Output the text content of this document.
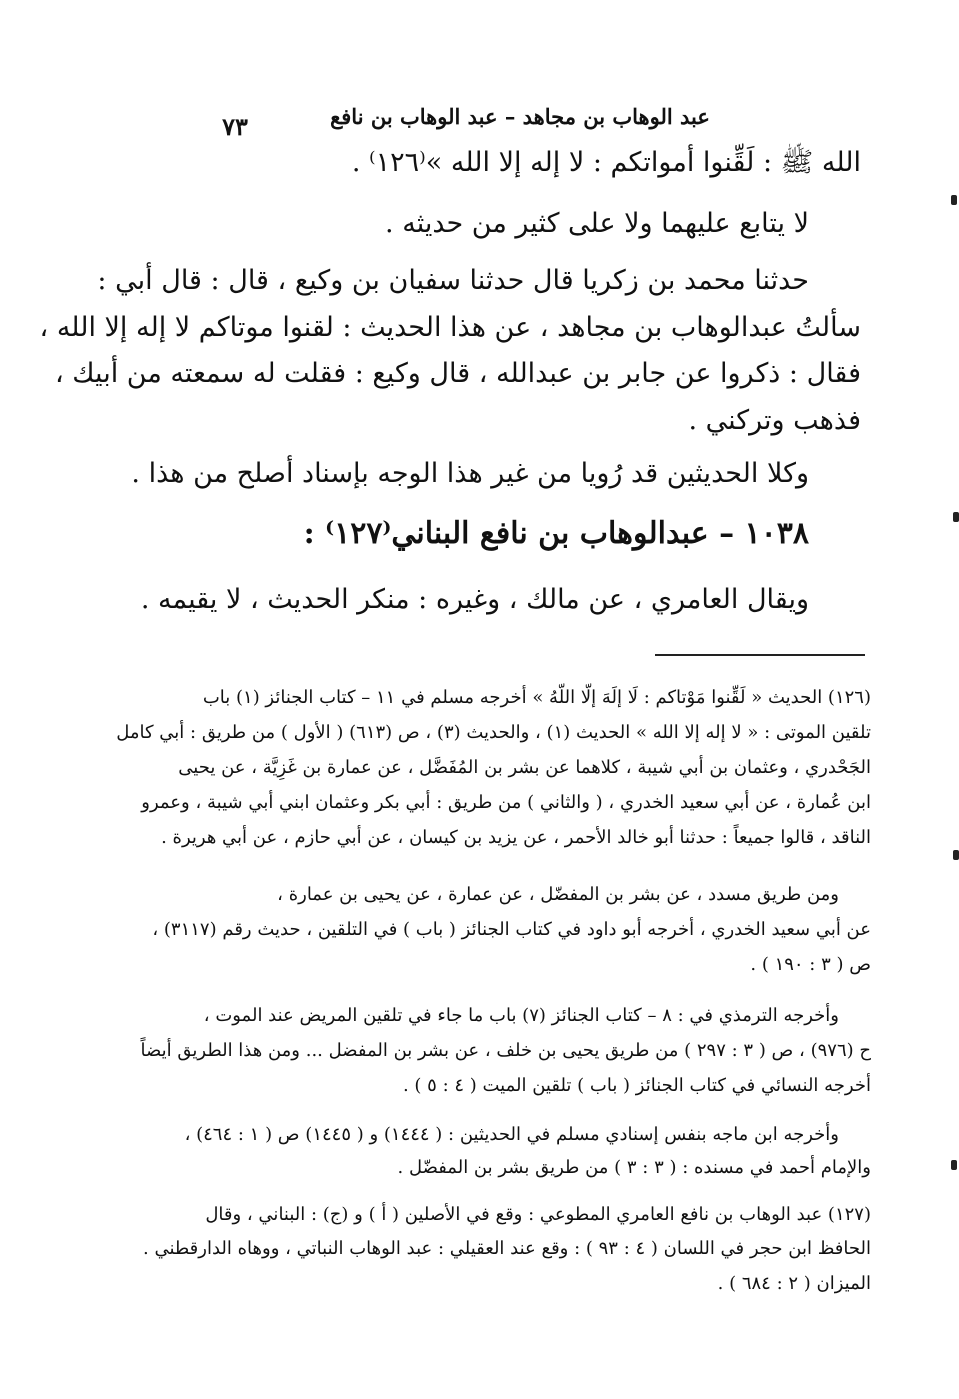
٧٣	عبد الوهاب بن مجاهد – عبد الوهاب بن نافع
الله ﷺ : لَقِّنوا أمواتكم : لا إله إلا الله »⁽١٢٦⁾ .
لا يتابع عليهما ولا على كثير من حديثه .
حدثنا محمد بن زكريا قال حدثنا سفيان بن وكيع ، قال : قال أبي :
سألتُ عبدالوهاب بن مجاهد ، عن هذا الحديث : لقنوا موتاكم لا إله إلا الله ،
فقال : ذكروا عن جابر بن عبدالله ، قال وكيع : فقلت له سمعته من أبيك ،
فذهب وتركني .
وكلا الحديثين قد رُويا من غير هذا الوجه بإسناد أصلح من هذا .
١٠٣٨ – عبدالوهاب بن نافع البناني⁽١٢٧⁾ :
ويقال العامري ، عن مالك ، وغيره : منكر الحديث ، لا يقيمه .
(١٢٦) الحديث « لَقِّنوا مَوْتاكم : لَا إلَهَ إلّا اللّهُ » أخرجه مسلم في ١١ – كتاب الجنائز (١) باب
تلقين الموتى : « لا إله إلا الله » الحديث (١) ، والحديث (٣) ، ص (٦١٣) ( الأول ) من طريق : أبي كامل
الجَحْدري ، وعثمان بن أبي شيبة ، كلاهما عن بشر بن المُفَضَّل ، عن عمارة بن غَزِيَّة ، عن يحيى
ابن عُمارة ، عن أبي سعيد الخدري ، ( والثاني ) من طريق : أبي بكر وعثمان ابني أبي شيبة ، وعمرو
الناقد ، قالوا جميعاً : حدثنا أبو خالد الأحمر ، عن يزيد بن كيسان ، عن أبي حازم ، عن أبي هريرة .
ومن طريق مسدد ، عن بشر بن المفضّل ، عن عمارة ، عن يحيى بن عمارة ،
عن أبي سعيد الخدري ، أخرجه أبو داود في كتاب الجنائز ( باب ) في التلقين ، حديث رقم (٣١١٧) ،
ص ( ٣ : ١٩٠ ) .
وأخرجه الترمذي في : ٨ – كتاب الجنائز (٧) باب ما جاء في تلقين المريض عند الموت ،
ح (٩٧٦) ، ص ( ٣ : ٢٩٧ ) من طريق يحيى بن خلف ، عن بشر بن المفضل ... ومن هذا الطريق أيضاً
أخرجه النسائي في كتاب الجنائز ( باب ) تلقين الميت ( ٤ : ٥ ) .
وأخرجه ابن ماجه بنفس إسنادي مسلم في الحديثين : ( ١٤٤٤) و ( ١٤٤٥) ص ( ١ : ٤٦٤) ،
والإمام أحمد في مسنده : ( ٣ : ٣ ) من طريق بشر بن المفضّل .
(١٢٧) عبد الوهاب بن نافع العامري المطوعي : وقع في الأصلين ( أ ) و (ج) : البناني ، وقال
الحافظ ابن حجر في اللسان ( ٤ : ٩٣ ) : وقع عند العقيلي : عبد الوهاب النباتي ، ووهاه الدارقطني .
الميزان ( ٢ : ٦٨٤ ) .
